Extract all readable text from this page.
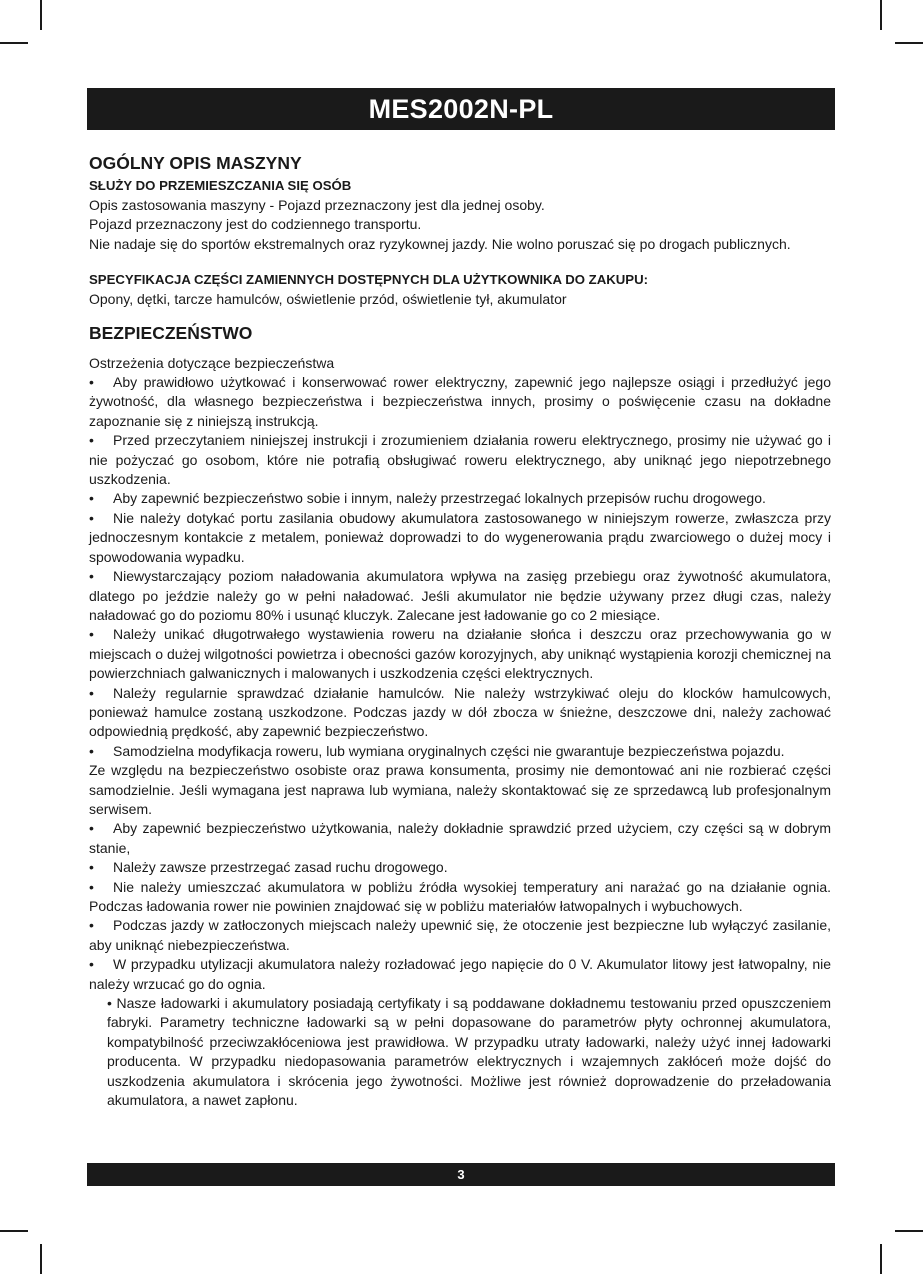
MES2002N-PL
OGÓLNY OPIS MASZYNY
SŁUŻY DO PRZEMIESZCZANIA SIĘ OSÓB
Opis zastosowania maszyny - Pojazd przeznaczony jest dla jednej osoby.
Pojazd przeznaczony jest do codziennego transportu.
Nie nadaje się do sportów ekstremalnych oraz ryzykownej jazdy. Nie wolno poruszać się po drogach publicznych.
SPECYFIKACJA CZĘŚCI ZAMIENNYCH DOSTĘPNYCH DLA UŻYTKOWNIKA DO ZAKUPU:
Opony, dętki, tarcze hamulców, oświetlenie przód, oświetlenie tył, akumulator
BEZPIECZEŃSTWO
Ostrzeżenia dotyczące bezpieczeństwa
• Aby prawidłowo użytkować i konserwować rower elektryczny, zapewnić jego najlepsze osiągi i przedłużyć jego żywotność, dla własnego bezpieczeństwa i bezpieczeństwa innych, prosimy o poświęcenie czasu na dokładne zapoznanie się z niniejszą instrukcją.
• Przed przeczytaniem niniejszej instrukcji i zrozumieniem działania roweru elektrycznego, prosimy nie używać go i nie pożyczać go osobom, które nie potrafią obsługiwać roweru elektrycznego, aby uniknąć jego niepotrzebnego uszkodzenia.
• Aby zapewnić bezpieczeństwo sobie i innym, należy przestrzegać lokalnych przepisów ruchu drogowego.
• Nie należy dotykać portu zasilania obudowy akumulatora zastosowanego w niniejszym rowerze, zwłaszcza przy jednoczesnym kontakcie z metalem, ponieważ doprowadzi to do wygenerowania prądu zwarciowego o dużej mocy i spowodowania wypadku.
• Niewystarczający poziom naładowania akumulatora wpływa na zasięg przebiegu oraz żywotność akumulatora, dlatego po jeździe należy go w pełni naładować. Jeśli akumulator nie będzie używany przez długi czas, należy naładować go do poziomu 80% i usunąć kluczyk. Zalecane jest ładowanie go co 2 miesiące.
• Należy unikać długotrwałego wystawienia roweru na działanie słońca i deszczu oraz przechowywania go w miejscach o dużej wilgotności powietrza i obecności gazów korozyjnych, aby uniknąć wystąpienia korozji chemicznej na powierzchniach galwanicznych i malowanych i uszkodzenia części elektrycznych.
• Należy regularnie sprawdzać działanie hamulców. Nie należy wstrzykiwać oleju do klocków hamulcowych, ponieważ hamulce zostaną uszkodzone. Podczas jazdy w dół zbocza w śnieżne, deszczowe dni, należy zachować odpowiednią prędkość, aby zapewnić bezpieczeństwo.
• Samodzielna modyfikacja roweru, lub wymiana oryginalnych części nie gwarantuje bezpieczeństwa pojazdu.
Ze względu na bezpieczeństwo osobiste oraz prawa konsumenta, prosimy nie demontować ani nie rozbierać części samodzielnie. Jeśli wymagana jest naprawa lub wymiana, należy skontaktować się ze sprzedawcą lub profesjonalnym serwisem.
• Aby zapewnić bezpieczeństwo użytkowania, należy dokładnie sprawdzić przed użyciem, czy części są w dobrym stanie,
• Należy zawsze przestrzegać zasad ruchu drogowego.
• Nie należy umieszczać akumulatora w pobliżu źródła wysokiej temperatury ani narażać go na działanie ognia. Podczas ładowania rower nie powinien znajdować się w pobliżu materiałów łatwopalnych i wybuchowych.
• Podczas jazdy w zatłoczonych miejscach należy upewnić się, że otoczenie jest bezpieczne lub wyłączyć zasilanie, aby uniknąć niebezpieczeństwa.
• W przypadku utylizacji akumulatora należy rozładować jego napięcie do 0 V. Akumulator litowy jest łatwopalny, nie należy wrzucać go do ognia.
• Nasze ładowarki i akumulatory posiadają certyfikaty i są poddawane dokładnemu testowaniu przed opuszczeniem fabryki. Parametry techniczne ładowarki są w pełni dopasowane do parametrów płyty ochronnej akumulatora, kompatybilność przeciwzakłóceniowa jest prawidłowa. W przypadku utraty ładowarki, należy użyć innej ładowarki producenta. W przypadku niedopasowania parametrów elektrycznych i wzajemnych zakłóceń może dojść do uszkodzenia akumulatora i skrócenia jego żywotności. Możliwe jest również doprowadzenie do przeładowania akumulatora, a nawet zapłonu.
3
